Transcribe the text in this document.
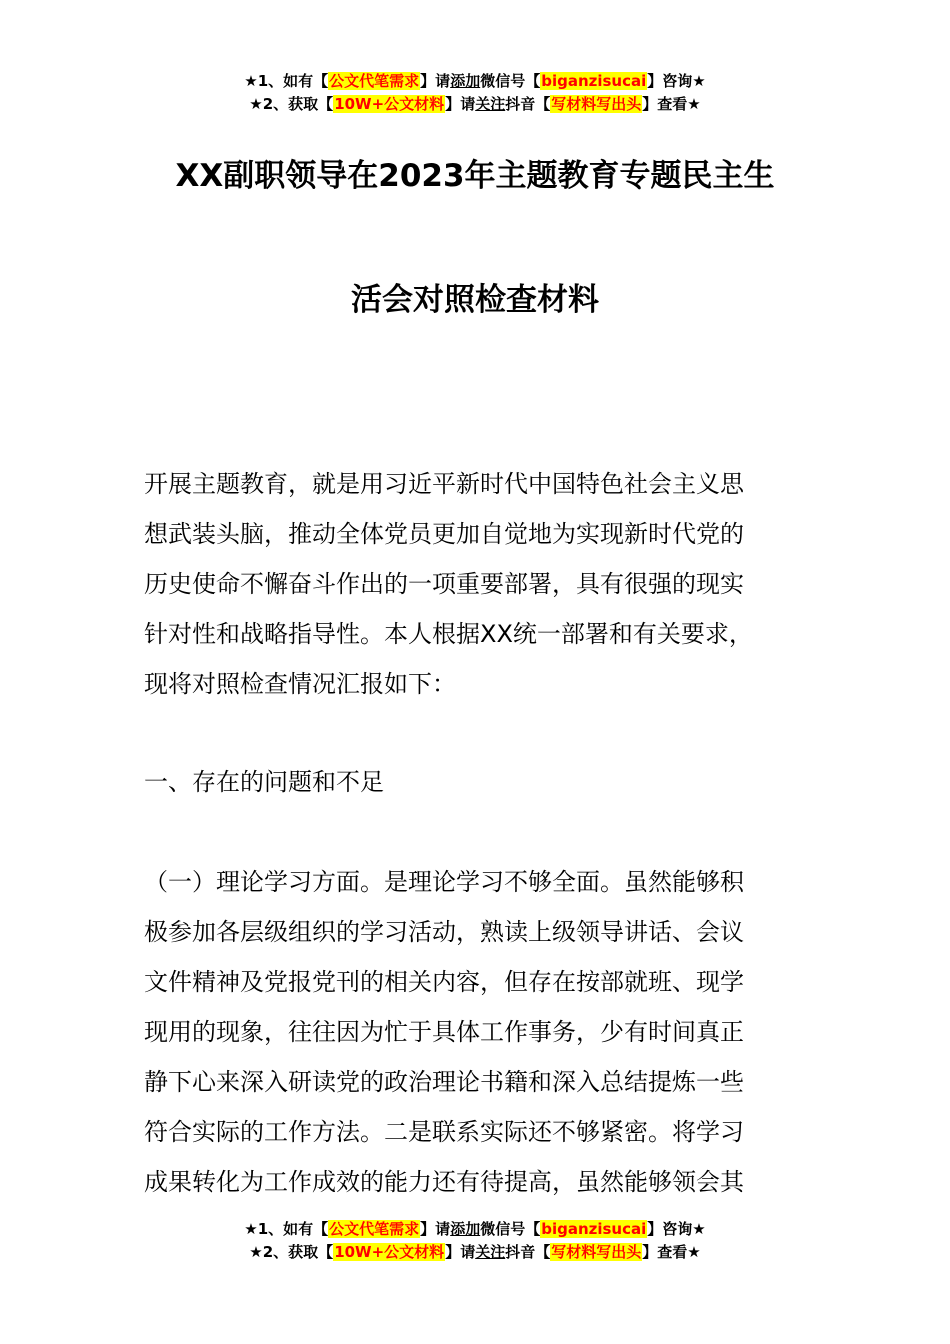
★1、如有【公文代笔需求】请添加微信号【biganzisucai】咨询★
★2、获取【10W+公文材料】请关注抖音【写材料写出头】查看★
XX副职领导在2023年主题教育专题民主生
活会对照检查材料
开展主题教育，就是用习近平新时代中国特色社会主义思
想武装头脑，推动全体党员更加自觉地为实现新时代党的
历史使命不懈奋斗作出的一项重要部署，具有很强的现实
针对性和战略指导性。本人根据XX统一部署和有关要求，
现将对照检查情况汇报如下：
一、存在的问题和不足
（一）理论学习方面。是理论学习不够全面。虽然能够积
极参加各层级组织的学习活动，熟读上级领导讲话、会议
文件精神及党报党刊的相关内容，但存在按部就班、现学
现用的现象，往往因为忙于具体工作事务，少有时间真正
静下心来深入研读党的政治理论书籍和深入总结提炼一些
符合实际的工作方法。二是联系实际还不够紧密。将学习
成果转化为工作成效的能力还有待提高，虽然能够领会其
★1、如有【公文代笔需求】请添加微信号【biganzisucai】咨询★
★2、获取【10W+公文材料】请关注抖音【写材料写出头】查看★
